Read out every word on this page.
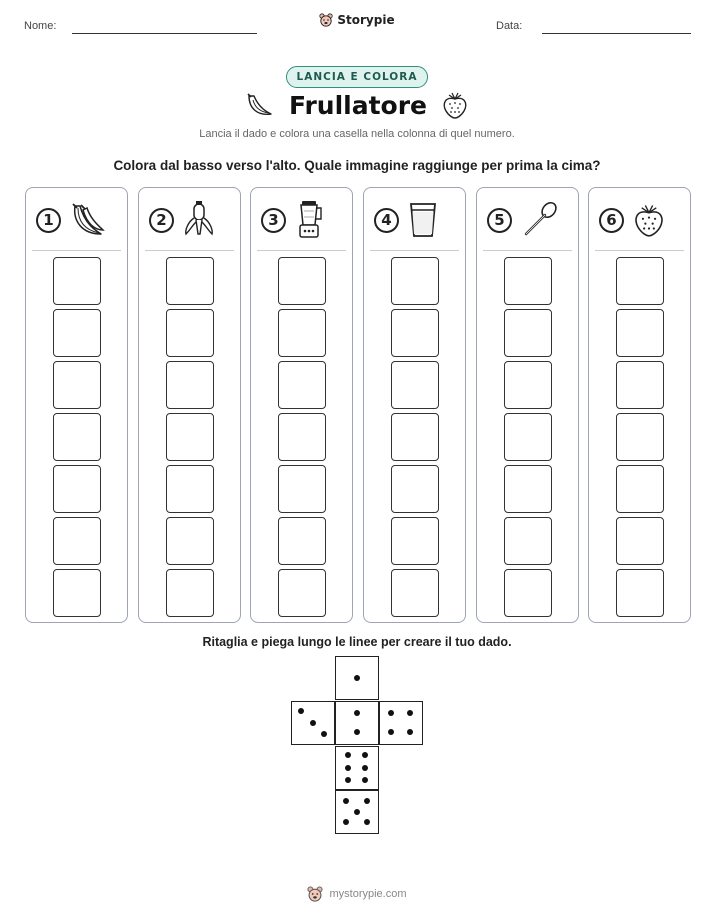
Nome:	Storypie	Data:
LANCIA E COLORA
Frullatore
Lancia il dado e colora una casella nella colonna di quel numero.
Colora dal basso verso l'alto. Quale immagine raggiunge per prima la cima?
1	2	3	4	5	6
Ritaglia e piega lungo le linee per creare il tuo dado.
mystorypie.com
